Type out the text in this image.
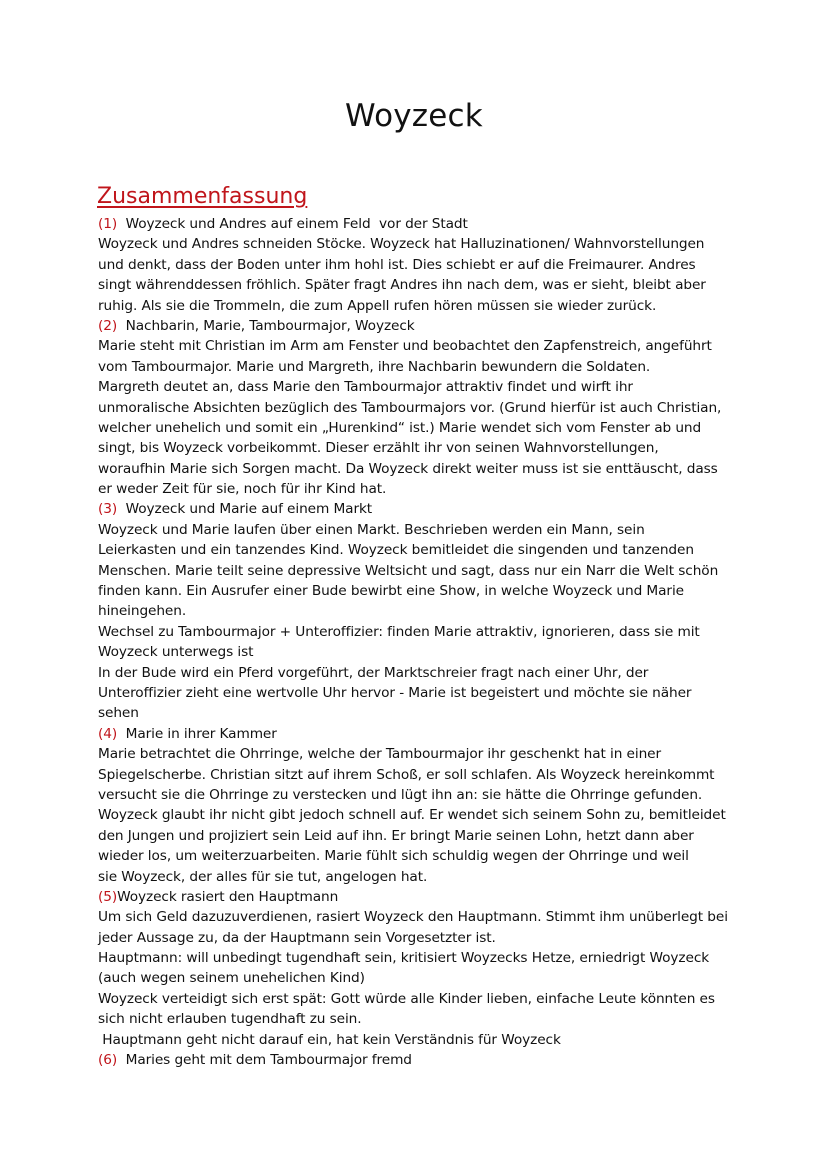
Woyzeck
Zusammenfassung
(1) Woyzeck und Andres auf einem Feld  vor der Stadt
Woyzeck und Andres schneiden Stöcke. Woyzeck hat Halluzinationen/ Wahnvorstellungen
und denkt, dass der Boden unter ihm hohl ist. Dies schiebt er auf die Freimaurer. Andres
singt währenddessen fröhlich. Später fragt Andres ihn nach dem, was er sieht, bleibt aber
ruhig. Als sie die Trommeln, die zum Appell rufen hören müssen sie wieder zurück.
(2) Nachbarin, Marie, Tambourmajor, Woyzeck
Marie steht mit Christian im Arm am Fenster und beobachtet den Zapfenstreich, angeführt
vom Tambourmajor. Marie und Margreth, ihre Nachbarin bewundern die Soldaten.
Margreth deutet an, dass Marie den Tambourmajor attraktiv findet und wirft ihr
unmoralische Absichten bezüglich des Tambourmajors vor. (Grund hierfür ist auch Christian,
welcher unehelich und somit ein „Hurenkind“ ist.) Marie wendet sich vom Fenster ab und
singt, bis Woyzeck vorbeikommt. Dieser erzählt ihr von seinen Wahnvorstellungen,
woraufhin Marie sich Sorgen macht. Da Woyzeck direkt weiter muss ist sie enttäuscht, dass
er weder Zeit für sie, noch für ihr Kind hat.
(3) Woyzeck und Marie auf einem Markt
Woyzeck und Marie laufen über einen Markt. Beschrieben werden ein Mann, sein
Leierkasten und ein tanzendes Kind. Woyzeck bemitleidet die singenden und tanzenden
Menschen. Marie teilt seine depressive Weltsicht und sagt, dass nur ein Narr die Welt schön
finden kann. Ein Ausrufer einer Bude bewirbt eine Show, in welche Woyzeck und Marie
hineingehen.
Wechsel zu Tambourmajor + Unteroffizier: finden Marie attraktiv, ignorieren, dass sie mit
Woyzeck unterwegs ist
In der Bude wird ein Pferd vorgeführt, der Marktschreier fragt nach einer Uhr, der
Unteroffizier zieht eine wertvolle Uhr hervor - Marie ist begeistert und möchte sie näher
sehen
(4) Marie in ihrer Kammer
Marie betrachtet die Ohrringe, welche der Tambourmajor ihr geschenkt hat in einer
Spiegelscherbe. Christian sitzt auf ihrem Schoß, er soll schlafen. Als Woyzeck hereinkommt
versucht sie die Ohrringe zu verstecken und lügt ihn an: sie hätte die Ohrringe gefunden.
Woyzeck glaubt ihr nicht gibt jedoch schnell auf. Er wendet sich seinem Sohn zu, bemitleidet
den Jungen und projiziert sein Leid auf ihn. Er bringt Marie seinen Lohn, hetzt dann aber
wieder los, um weiterzuarbeiten. Marie fühlt sich schuldig wegen der Ohrringe und weil
sie Woyzeck, der alles für sie tut, angelogen hat.
(5)Woyzeck rasiert den Hauptmann
Um sich Geld dazuzuverdienen, rasiert Woyzeck den Hauptmann. Stimmt ihm unüberlegt bei
jeder Aussage zu, da der Hauptmann sein Vorgesetzter ist.
Hauptmann: will unbedingt tugendhaft sein, kritisiert Woyzecks Hetze, erniedrigt Woyzeck
(auch wegen seinem unehelichen Kind)
Woyzeck verteidigt sich erst spät: Gott würde alle Kinder lieben, einfache Leute könnten es
sich nicht erlauben tugendhaft zu sein.
Hauptmann geht nicht darauf ein, hat kein Verständnis für Woyzeck
(6) Maries geht mit dem Tambourmajor fremd
